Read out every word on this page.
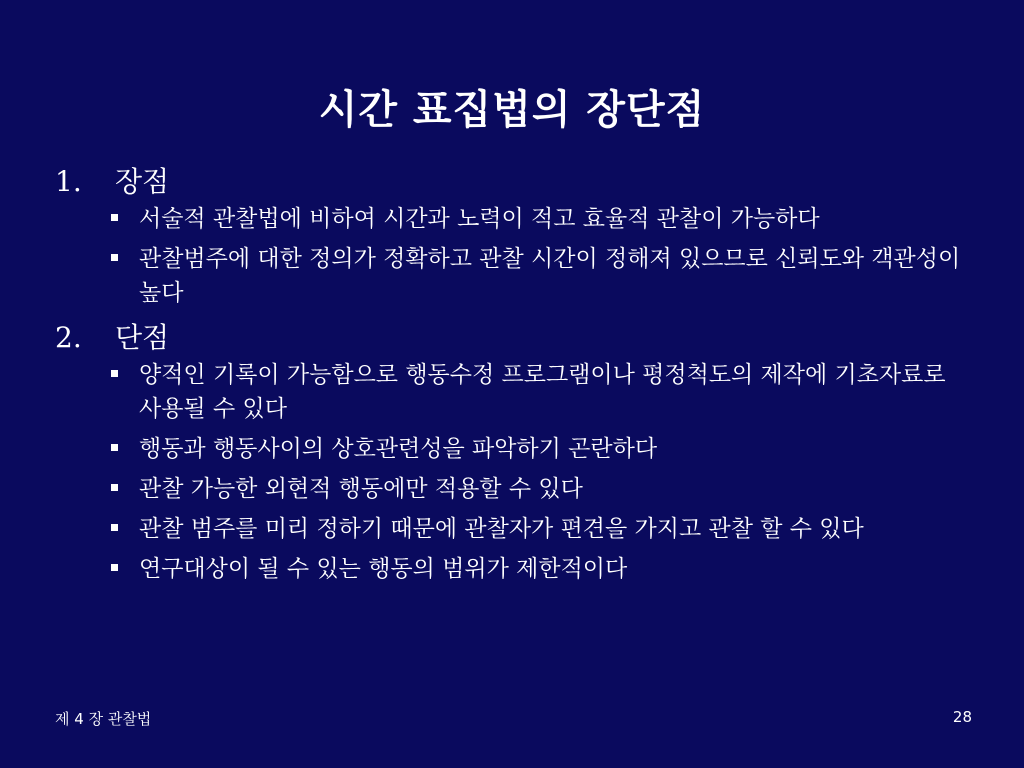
시간 표집법의 장단점
1.	장점
서술적 관찰법에 비하여 시간과 노력이 적고 효율적 관찰이 가능하다
관찰범주에 대한 정의가 정확하고 관찰 시간이 정해져 있으므로 신뢰도와 객관성이 높다
2.	단점
양적인 기록이 가능함으로 행동수정 프로그램이나 평정척도의 제작에 기초자료로 사용될 수 있다
행동과 행동사이의 상호관련성을 파악하기 곤란하다
관찰 가능한 외현적 행동에만 적용할 수 있다
관찰 범주를 미리 정하기 때문에 관찰자가 편견을 가지고 관찰 할 수 있다
연구대상이 될 수 있는 행동의 범위가 제한적이다
제 4 장 관찰법	28
